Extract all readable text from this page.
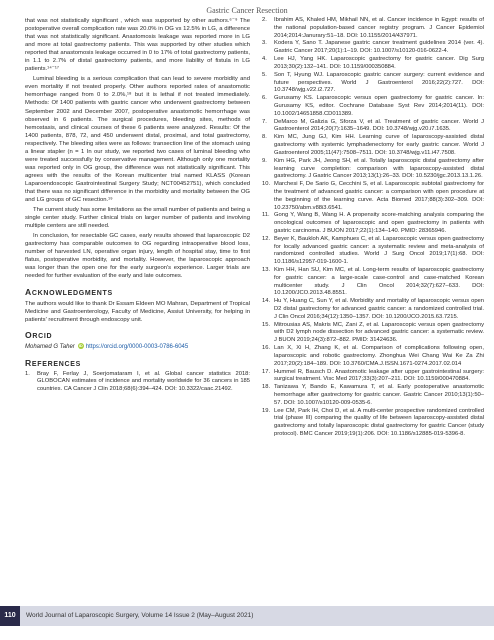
Gastric Cancer Resection

that was not statistically significant , which was supported by other authors.⁶⁻⁹ The postoperative overall complication rate was 20.0% in OG vs 12.5% in LG, a difference that was not statistically significant. Anastomosis leakage was reported more in LG and more at total gastrectomy patients. This was supported by other studies which reported that anastomosis leakage occurred in 0 to 17% of total gastrectomy patients, in 1.1 to 2.7% of distal gastrectomy patients, and more liability of fistula in LG patients.¹⁴⁻¹⁷

Luminal bleeding is a serious complication that can lead to severe morbidity and even mortality if not treated properly. Other authors reported rates of anastomotic hemorrhage ranged from 0 to 2.0%,¹⁸ but it is lethal if not treated immediately. Methods: Of 1400 patients with gastric cancer who underwent gastrectomy between September 2002 and December 2007, postoperative anastomotic hemorrhage was observed in 6 patients. The surgical procedures, bleeding sites, methods of hemostasis, and clinical courses of these 6 patients were analyzed. Results: Of the 1400 patients, 878, 72, and 450 underwent distal, proximal, and total gastrectomy, respectively. The bleeding sites were as follows: transection line of the stomach using a linear stapler (n = 1 In our study, we reported two cases of luminal bleeding who were treated successfully by conservative management. Although only one mortality was reported only in OG group, the difference was not statistically significant. This agrees with the results of the Korean multicenter trial named KLASS (Korean Laparoendoscopic Gastrointestinal Surgery Study; NCT00452751), which concluded that there was no significant difference in the morbidity and mortality between the OG and LG groups of GC resection.¹⁹

The current study has some limitations as the small number of patients and being a single center study. Further clinical trials on larger number of patients and involving multiple centers are still needed.

In conclusion, for resectable GC cases, early results showed that laparoscopic D2 gastrectomy has comparable outcomes to OG regarding intraoperative blood loss, number of harvested LN, operative organ injury, length of hospital stay, time to first flatus, postoperative morbidity, and mortality. However, the laparoscopic approach was longer than the open one for the early surgeon's experience. Larger trials are needed for further evaluation of the early and late outcomes.

ACKNOWLEDGMENTS

The authors would like to thank Dr Essam Eldeen MO Mahran, Department of Tropical Medicine and Gastroenterology, Faculty of Medicine, Assiut University, for helping in patients' recruitment through endoscopy unit.

ORCID
Mohamed G Taher iD https://orcid.org/0000-0003-0786-6045
REFERENCES
1.	Bray F, Ferlay J, Soerjomataram I, et al. Global cancer statistics 2018: GLOBOCAN estimates of incidence and mortality worldwide for 36 cancers in 185 countries. CA Cancer J Clin 2018;68(6):394–424. DOI: 10.3322/caac.21492.
2.	Ibrahim AS, Khaled HM, Mikhail NN, et al. Cancer incidence in Egypt: results of the national population-based cancer registry program. J Cancer Epidemiol 2014;2014:Janurary:51–18. DOI: 10.1155/2014/437971.
3.	Kodera Y, Sano T. Japanese gastric cancer treatment guidelines 2014 (ver. 4). Gastric Cancer 2017;20(1):1–19. DOI: 10.1007/s10120-016-0622-4.
4.	Lee HJ, Yang HK. Laparoscopic gastrectomy for gastric cancer. Dig Surg 2013;30(2):132–141. DOI: 10.1159/000350884.
5.	Son T, Hyung WJ. Laparoscopic gastric cancer surgery: current evidence and future perspectives. World J Gastroenterol 2016;22(2):727. DOI: 10.3748/wjg.v22.i2.727.
6.	Gurusamy KS. Laparoscopic versus open gastrectomy for gastric cancer. In: Gurusamy KS, editor. Cochrane Database Syst Rev 2014;2014(11). DOI: 10.1002/14651858.CD011389.
7.	DeMarco M, Galizia G, Sforza V, et al. Treatment of gastric cancer. World J Gastroenterol 2014;20(7):1635–1649. DOI: 10.3748/wjg.v20.i7.1635.
8.	Kim MC, Jung GJ, Kim HH. Learning curve of laparoscopy-assisted distal gastrectomy with systemic lymphadenectomy for early gastric cancer. World J Gastroenterol 2005;11(47):7508–7511. DOI: 10.3748/wjg.v11.i47.7508.
9.	Kim HG, Park JH, Jeong SH, et al. Totally laparoscopic distal gastrectomy after learning curve completion: comparison with laparoscopy-assisted distal gastrectomy. J Gastric Cancer 2013;13(1):26–33. DOI: 10.5230/jgc.2013.13.1.26.
10. Marchesi F, De Sario G, Cecchini S, et al. Laparoscopic subtotal gastrectomy for the treatment of advanced gastric cancer: a comparison with open procedure at the beginning of the learning curve. Acta Biomed 2017;88(3):302–309. DOI: 10.23750/abm.v88i3.6541.
11. Gong Y, Wang B, Wang H. A propensity score-matching analysis comparing the oncological outcomes of laparoscopic and open gastrectomy in patients with gastric carcinoma. J BUON 2017;22(1):134–140. PMID: 28365946.
12. Beyer K, Baukloh AK, Kamphues C, et al. Laparoscopic versus open gastrectomy for locally advanced gastric cancer: a systematic review and meta-analysis of randomized controlled studies. World J Surg Oncol 2019;17(1):68. DOI: 10.1186/s12957-019-1600-1.
13. Kim HH, Han SU, Kim MC, et al. Long-term results of laparoscopic gastrectomy for gastric cancer: a large-scale case-control and case-matched Korean multicenter study. J Clin Oncol 2014;32(7):627–633. DOI: 10.1200/JCO.2013.48.8551.
14. Hu Y, Huang C, Sun Y, et al. Morbidity and mortality of laparoscopic versus open D2 distal gastrectomy for advanced gastric cancer: a randomized controlled trial. J Clin Oncol 2016;34(12):1350–1357. DOI: 10.1200/JCO.2015.63.7215.
15. Mitrousias AS, Makris MC, Zani Z, et al. Laparoscopic versus open gastrectomy with D2 lymph node dissection for advanced gastric cancer: a systematic review. J BUON 2019;24(3):872–882. PMID: 31424636.
16. Lan X, Xi H, Zhang K, et al. Comparison of complications following open, laparoscopic and robotic gastrectomy. Zhonghua Wei Chang Wai Ke Za Zhi 2017;20(2):184–189. DOI: 10.3760/CMA.J.ISSN.1671-0274.2017.02.014
17. Hummel R, Bausch D. Anastomotic leakage after upper gastrointestinal surgery: surgical treatment. Visc Med 2017;33(3):207–211. DOI: 10.1159/000470884.
18. Tanizawa Y, Bando E, Kawamura T, et al. Early postoperative anastomotic hemorrhage after gastrectomy for gastric cancer. Gastric Cancer 2010;13(1):50–57. DOI: 10.1007/s10120-009-0535-6.
19. Lee CM, Park IH, Choi D, et al. A multi-center prospective randomized controlled trial (phase III) comparing the quality of life between laparoscopy-assisted distal gastrectomy and totally laparoscopic distal gastrectomy for gastric Cancer (study protocol). BMC Cancer 2019;19(1):206. DOI: 10.1186/s12885-019-5396-8.
110	World Journal of Laparoscopic Surgery, Volume 14 Issue 2 (May–August 2021)
